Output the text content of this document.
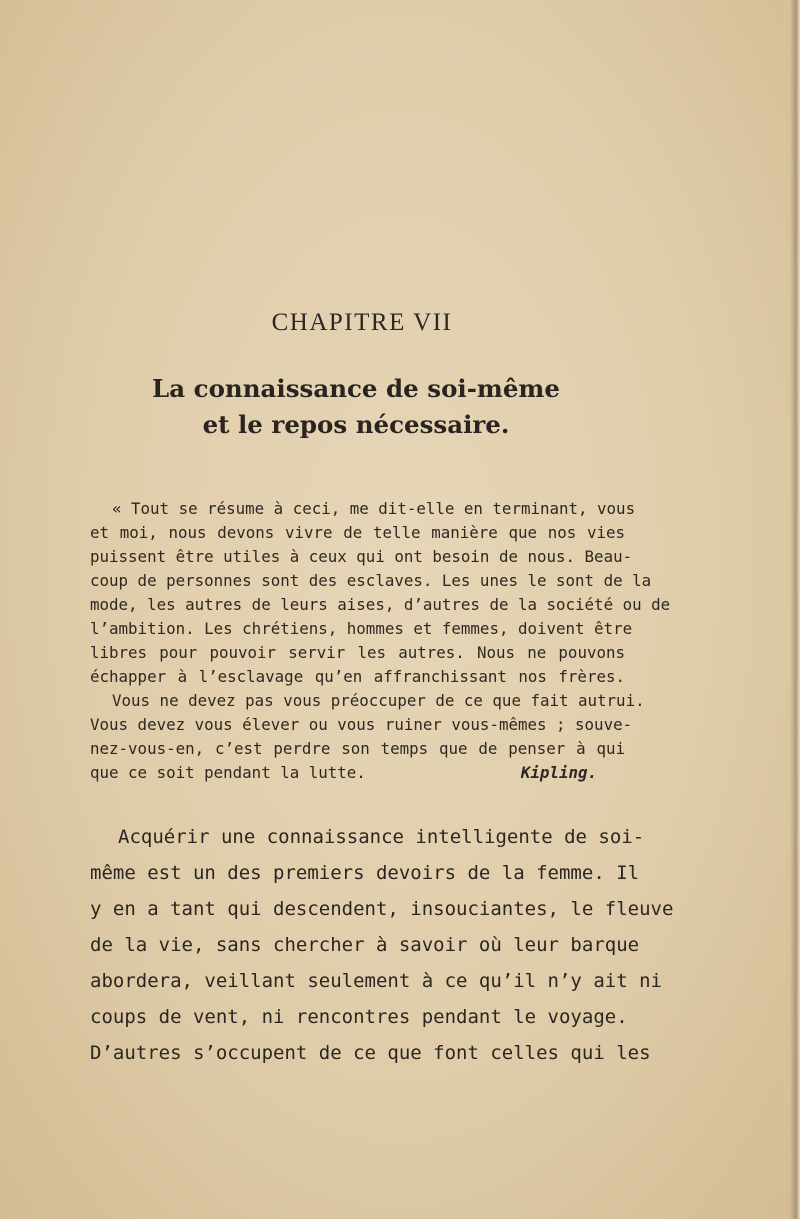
CHAPITRE VII
La connaissance de soi-même
et le repos nécessaire.
« Tout se résume à ceci, me dit-elle en terminant, vous
et moi, nous devons vivre de telle manière que nos vies
puissent être utiles à ceux qui ont besoin de nous. Beau-
coup de personnes sont des esclaves. Les unes le sont de la
mode, les autres de leurs aises, d’autres de la société ou de
l’ambition. Les chrétiens, hommes et femmes, doivent être
libres pour pouvoir servir les autres. Nous ne pouvons
échapper à l’esclavage qu’en affranchissant nos frères.
Vous ne devez pas vous préoccuper de ce que fait autrui.
Vous devez vous élever ou vous ruiner vous-mêmes ; souve-
nez-vous-en, c’est perdre son temps que de penser à qui
que ce soit pendant la lutte.	Kipling.
Acquérir une connaissance intelligente de soi-
même est un des premiers devoirs de la femme. Il
y en a tant qui descendent, insouciantes, le fleuve
de la vie, sans chercher à savoir où leur barque
abordera, veillant seulement à ce qu’il n’y ait ni
coups de vent, ni rencontres pendant le voyage.
D’autres s’occupent de ce que font celles qui les
